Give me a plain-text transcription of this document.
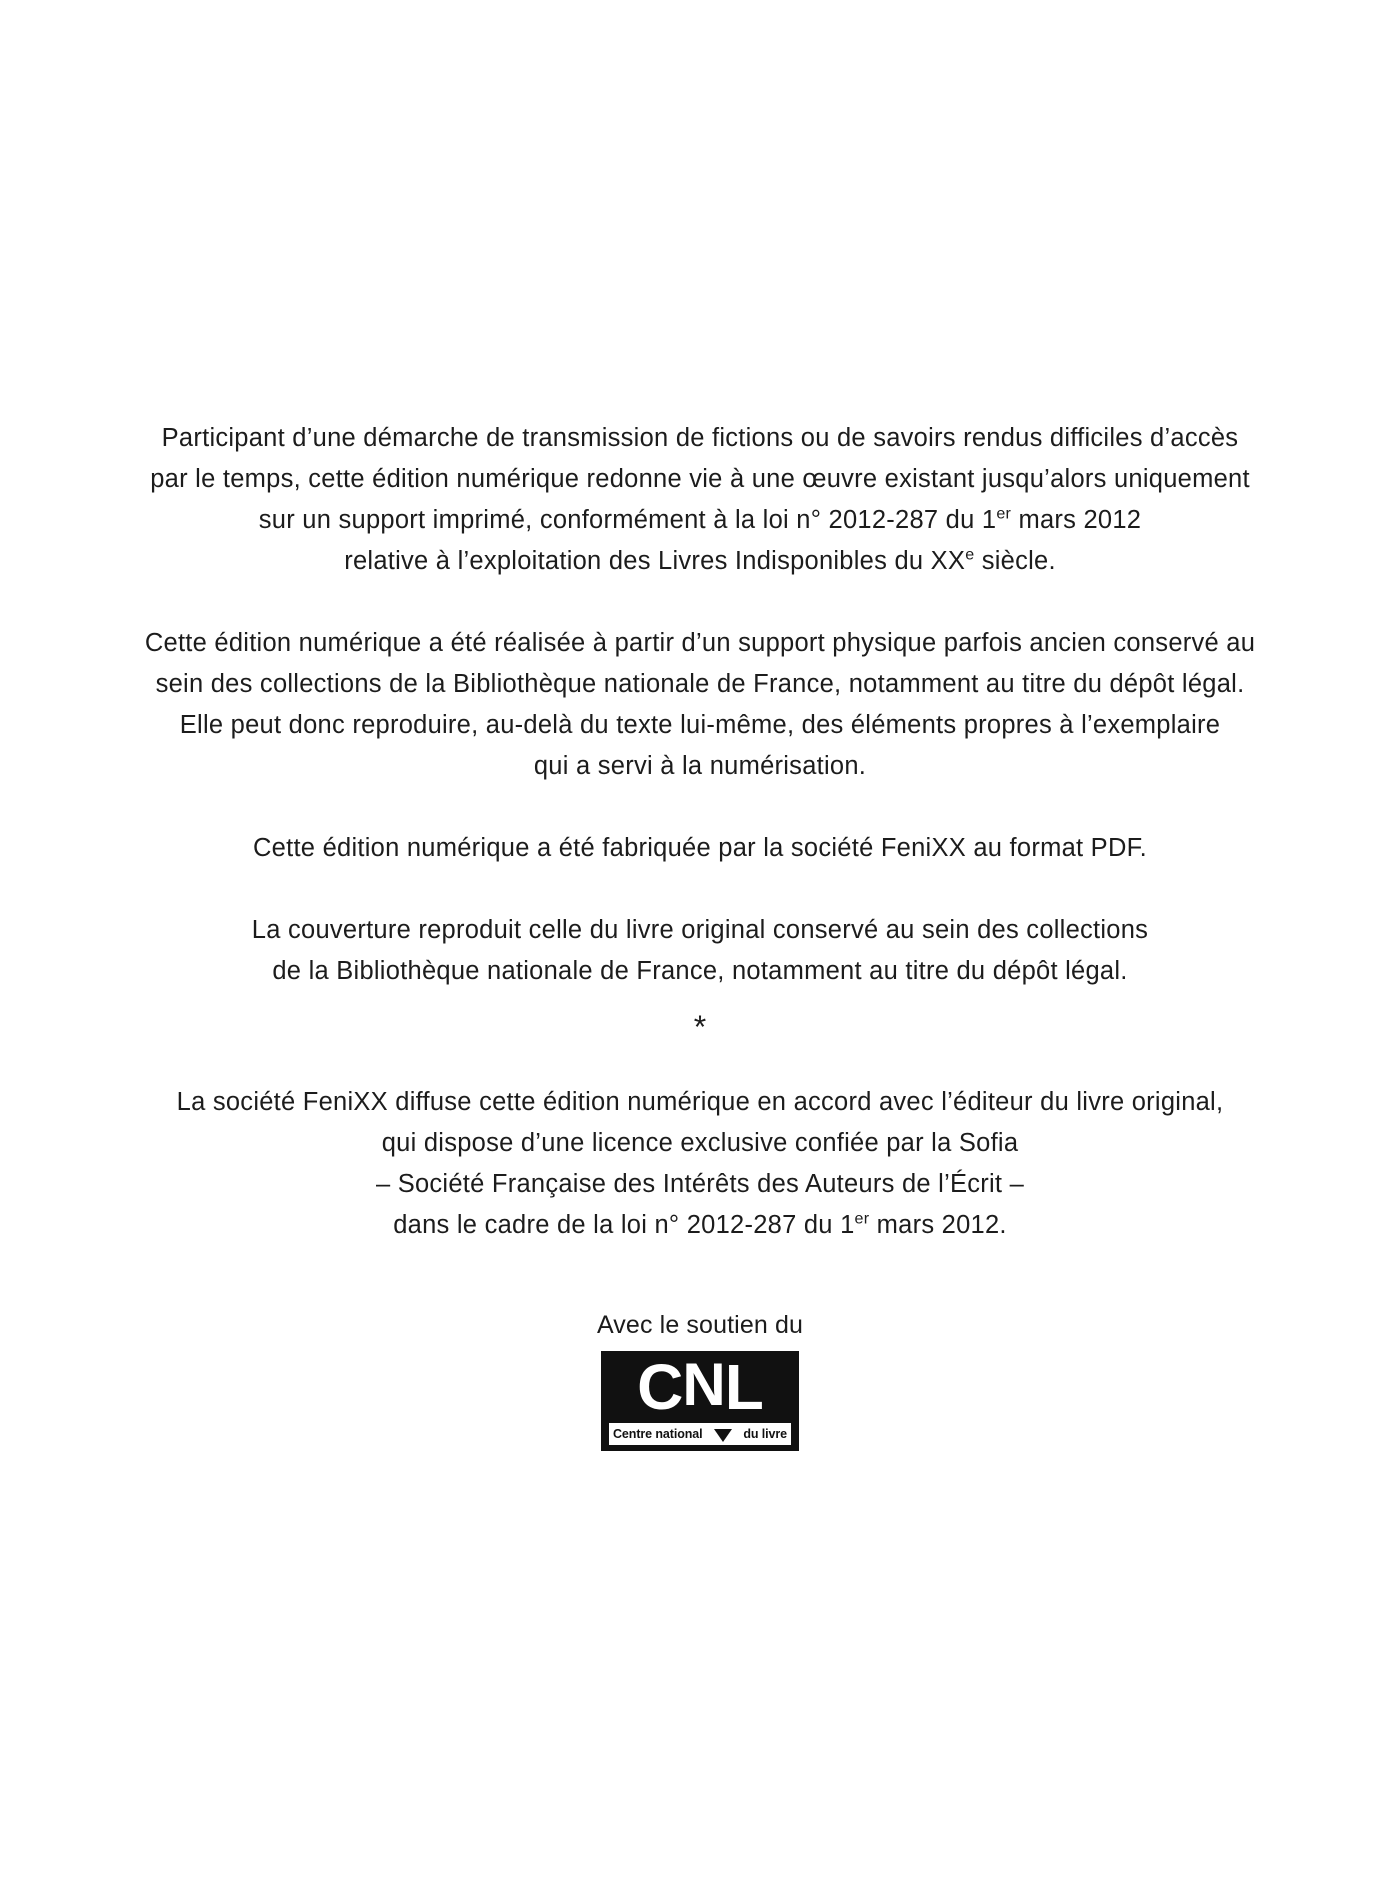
Participant d’une démarche de transmission de fictions ou de savoirs rendus difficiles d’accès
par le temps, cette édition numérique redonne vie à une œuvre existant jusqu’alors uniquement
sur un support imprimé, conformément à la loi n° 2012-287 du 1er mars 2012
relative à l’exploitation des Livres Indisponibles du XXe siècle.

Cette édition numérique a été réalisée à partir d’un support physique parfois ancien conservé au
sein des collections de la Bibliothèque nationale de France, notamment au titre du dépôt légal.
Elle peut donc reproduire, au-delà du texte lui-même, des éléments propres à l’exemplaire
qui a servi à la numérisation.

Cette édition numérique a été fabriquée par la société FeniXX au format PDF.

La couverture reproduit celle du livre original conservé au sein des collections
de la Bibliothèque nationale de France, notamment au titre du dépôt légal.

*

La société FeniXX diffuse cette édition numérique en accord avec l’éditeur du livre original,
qui dispose d’une licence exclusive confiée par la Sofia
– Société Française des Intérêts des Auteurs de l’Écrit –
dans le cadre de la loi n° 2012-287 du 1er mars 2012.

Avec le soutien du
C N L
Centre national	du livre
